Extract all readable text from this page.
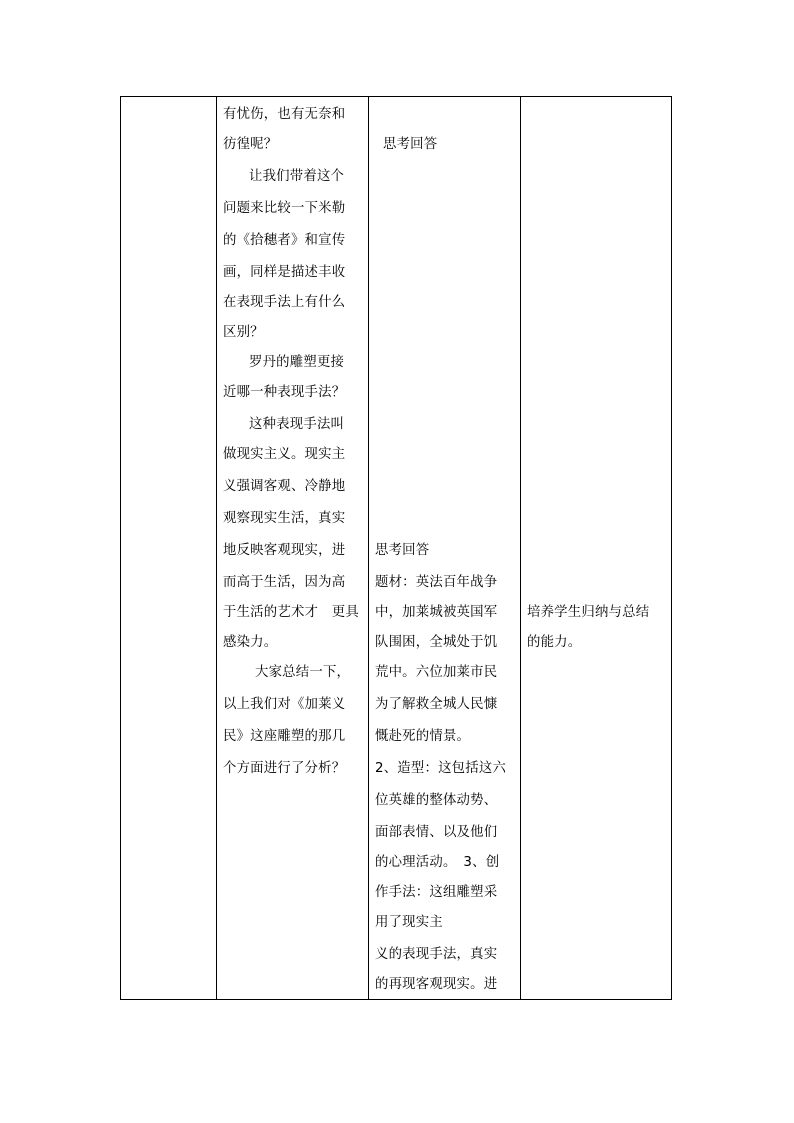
有忧伤，也有无奈和
彷徨呢？
让我们带着这个
问题来比较一下米勒
的《拾穗者》和宣传
画，同样是描述丰收
在表现手法上有什么
区别？
罗丹的雕塑更接
近哪一种表现手法？
这种表现手法叫
做现实主义。现实主
义强调客观、冷静地
观察现实生活，真实
地反映客观现实，进
而高于生活，因为高
于生活的艺术才　更具
感染力。
大家总结一下，
以上我们对《加莱义
民》这座雕塑的那几
个方面进行了分析？
思考回答
思考回答
题材：英法百年战争
中，加莱城被英国军
队围困，全城处于饥
荒中。六位加莱市民
为了解救全城人民慷
慨赴死的情景。
2、造型：这包括这六
位英雄的整体动势、
面部表情、以及他们
的心理活动。　3、创
作手法：这组雕塑采
用了现实主
义的表现手法，真实
的再现客观现实。进
培养学生归纳与总结
的能力。
